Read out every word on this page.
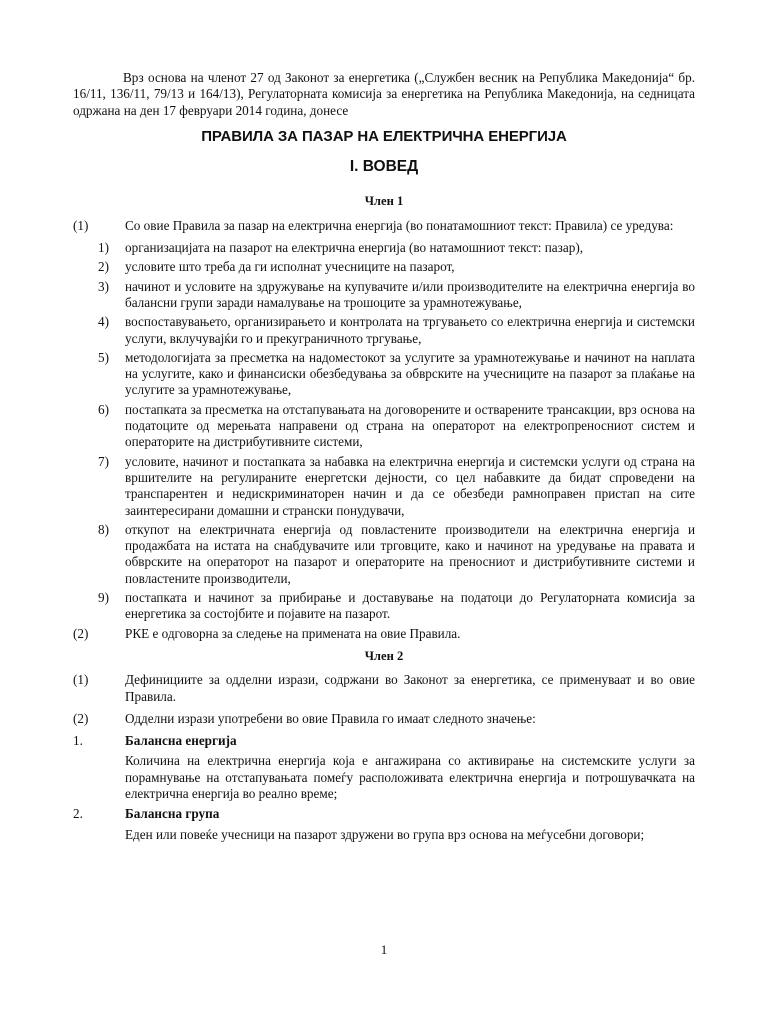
Врз основа на членот 27 од Законот за енергетика („Службен весник на Република Македонија“ бр. 16/11, 136/11, 79/13 и 164/13), Регулаторната комисија за енергетика на Република Македонија, на седницата одржана на ден 17 февруари 2014 година, донесе

ПРАВИЛА ЗА ПАЗАР НА ЕЛЕКТРИЧНА ЕНЕРГИЈА
I. ВОВЕД
Член 1
(1)	Со овие Правила за пазар на електрична енергија (во понатамошниот текст: Правила) се уредува:
1)	организацијата на пазарот на електрична енергија (во натамошниот текст: пазар),
2)	условите што треба да ги исполнат учесниците на пазарот,
3)	начинот и условите на здружување на купувачите и/или производителите на електрична енергија во балансни групи заради намалување на трошоците за урамнотежување,
4)	воспоставувањето, организирањето и контролата на тргувањето со електрична енергија и системски услуги, вклучувајќи го и прекуграничното тргување,
5)	методологијата за пресметка на надоместокот за услугите за урамнотежување и начинот на наплата на услугите, како и финансиски обезбедувања за обврските на учесниците на пазарот за плаќање на услугите за урамнотежување,
6)	постапката за пресметка на отстапувањата на договорените и остварените трансакции, врз основа на податоците од мерењата направени од страна на операторот на електропреносниот систем и операторите на дистрибутивните системи,
7)	условите, начинот и постапката за набавка на електрична енергија и системски услуги од страна на вршителите на регулираните енергетски дејности, со цел набавките да бидат спроведени на транспарентен и недискриминаторен начин и да се обезбеди рамноправен пристап на сите заинтересирани домашни и странски понудувачи,
8)	откупот на електричната енергија од повластените производители на електрична енергија и продажбата на истата на снабдувачите или трговците, како и начинот на уредување на правата и обврските на операторот на пазарот и операторите на преносниот и дистрибутивните системи и повластените производители,
9)	постапката и начинот за прибирање и доставување на податоци до Регулаторната комисија за енергетика за состојбите и појавите на пазарот.
(2)	РКЕ е одговорна за следење на примената на овие Правила.
Член 2
(1)	Дефинициите за одделни изрази, содржани во Законот за енергетика, се применуваат и во овие Правила.
(2)	Одделни изрази употребени во овие Правила го имаат следното значење:
1.	Балансна енергија
Количина на електрична енергија која е ангажирана со активирање на системските услуги за порамнување на отстапувањата помеѓу расположивата електрична енергија и потрошувачката на електрична енергија во реално време;
2.	Балансна група
Еден или повеќе учесници на пазарот здружени во група врз основа на меѓусебни договори;
1
